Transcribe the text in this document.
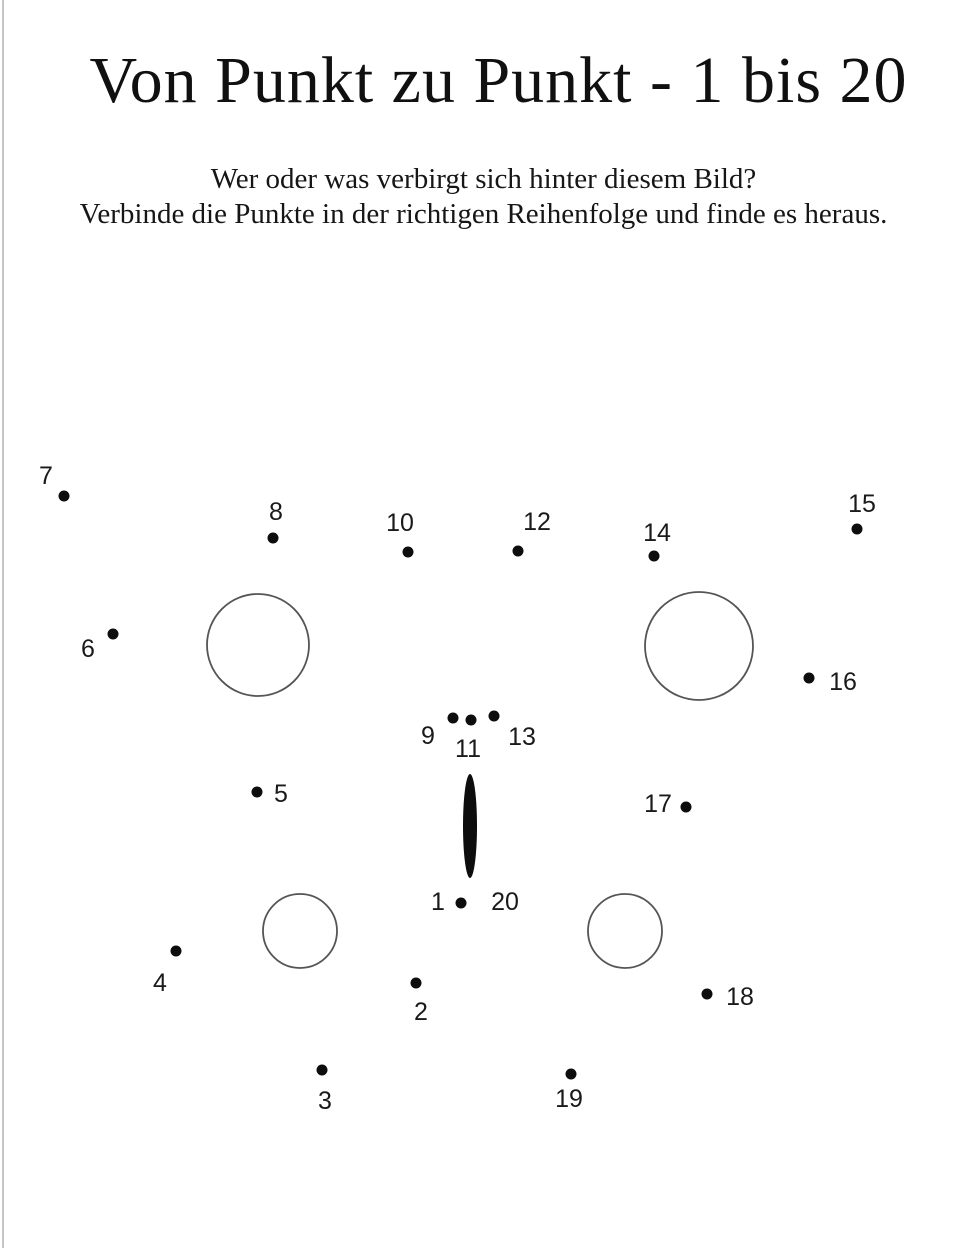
Von Punkt zu Punkt - 1 bis 20

Wer oder was verbirgt sich hinter diesem Bild?
Verbinde die Punkte in der richtigen Reihenfolge und finde es heraus.

1
2
3
4
5
6
7
8
9
10
11
12
13
14
15
16
17
18
19
20
